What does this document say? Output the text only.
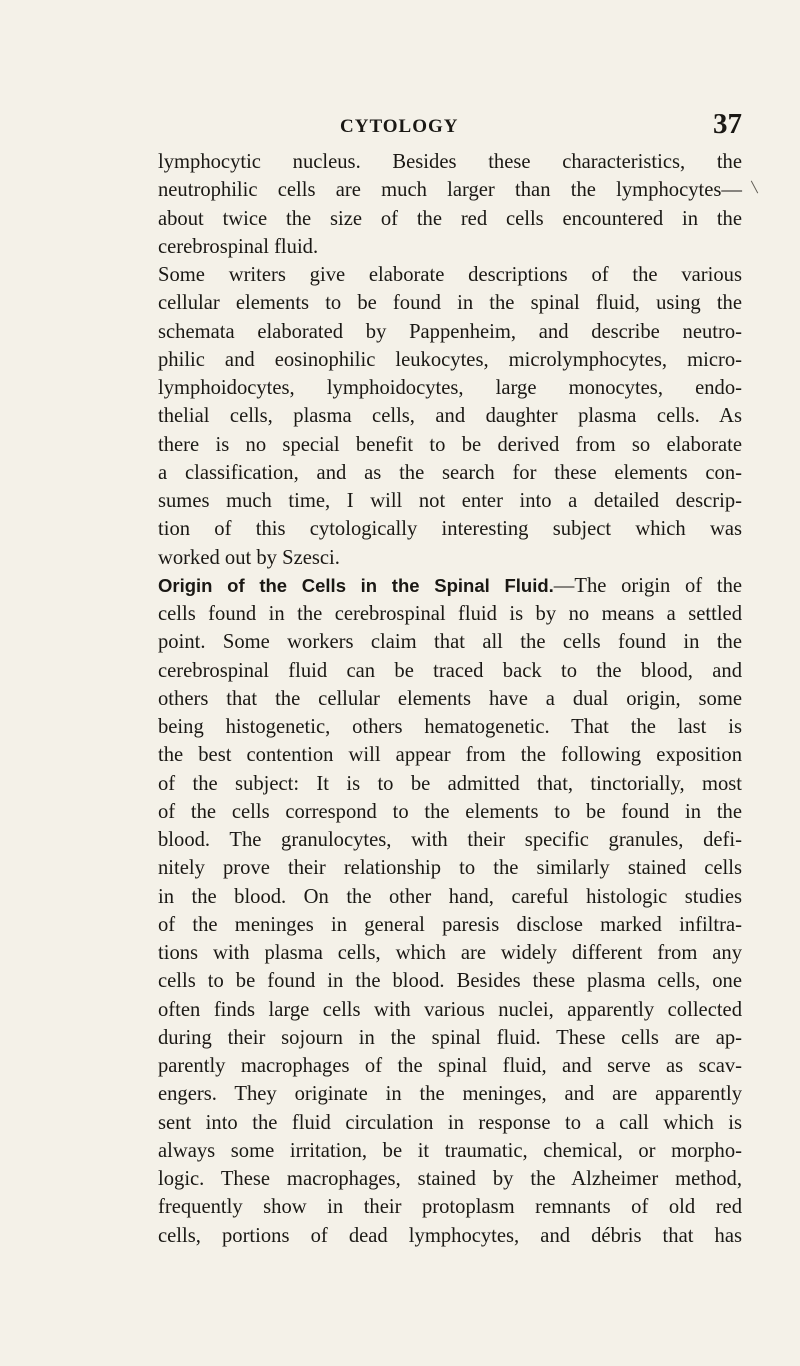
CYTOLOGY	37
lymphocytic nucleus. Besides these characteristics, the
neutrophilic cells are much larger than the lymphocytes—
about twice the size of the red cells encountered in the
cerebrospinal fluid.
Some writers give elaborate descriptions of the various
cellular elements to be found in the spinal fluid, using the
schemata elaborated by Pappenheim, and describe neutro-
philic and eosinophilic leukocytes, microlymphocytes, micro-
lymphoidocytes, lymphoidocytes, large monocytes, endo-
thelial cells, plasma cells, and daughter plasma cells. As
there is no special benefit to be derived from so elaborate
a classification, and as the search for these elements con-
sumes much time, I will not enter into a detailed descrip-
tion of this cytologically interesting subject which was
worked out by Szesci.
Origin of the Cells in the Spinal Fluid.—The origin of the
cells found in the cerebrospinal fluid is by no means a settled
point. Some workers claim that all the cells found in the
cerebrospinal fluid can be traced back to the blood, and
others that the cellular elements have a dual origin, some
being histogenetic, others hematogenetic. That the last is
the best contention will appear from the following exposition
of the subject: It is to be admitted that, tinctorially, most
of the cells correspond to the elements to be found in the
blood. The granulocytes, with their specific granules, defi-
nitely prove their relationship to the similarly stained cells
in the blood. On the other hand, careful histologic studies
of the meninges in general paresis disclose marked infiltra-
tions with plasma cells, which are widely different from any
cells to be found in the blood. Besides these plasma cells, one
often finds large cells with various nuclei, apparently collected
during their sojourn in the spinal fluid. These cells are ap-
parently macrophages of the spinal fluid, and serve as scav-
engers. They originate in the meninges, and are apparently
sent into the fluid circulation in response to a call which is
always some irritation, be it traumatic, chemical, or morpho-
logic. These macrophages, stained by the Alzheimer method,
frequently show in their protoplasm remnants of old red
cells, portions of dead lymphocytes, and débris that has
